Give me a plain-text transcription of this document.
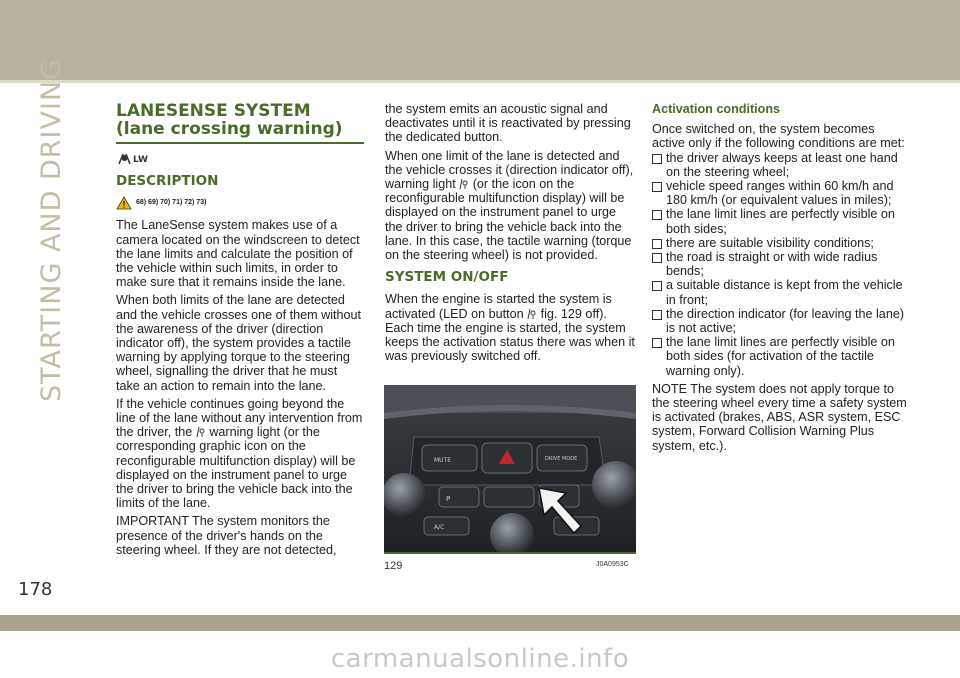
STARTING AND DRIVING
178
LANESENSE SYSTEM (lane crossing warning)
LW
DESCRIPTION
68) 69) 70) 71) 72) 73)

The LaneSense system makes use of a camera located on the windscreen to detect the lane limits and calculate the position of the vehicle within such limits, in order to make sure that it remains inside the lane.

When both limits of the lane are detected and the vehicle crosses one of them without the awareness of the driver (direction indicator off), the system provides a tactile warning by applying torque to the steering wheel, signalling the driver that he must take an action to remain into the lane.

If the vehicle continues going beyond the line of the lane without any intervention from the driver, the warning light (or the corresponding graphic icon on the reconfigurable multifunction display) will be displayed on the instrument panel to urge the driver to bring the vehicle back into the limits of the lane.

IMPORTANT The system monitors the presence of the driver's hands on the steering wheel. If they are not detected,

the system emits an acoustic signal and deactivates until it is reactivated by pressing the dedicated button.

When one limit of the lane is detected and the vehicle crosses it (direction indicator off), warning light (or the icon on the reconfigurable multifunction display) will be displayed on the instrument panel to urge the driver to bring the vehicle back into the lane. In this case, the tactile warning (torque on the steering wheel) is not provided.

SYSTEM ON/OFF

When the engine is started the system is activated (LED on button fig. 129 off). Each time the engine is started, the system keeps the activation status there was when it was previously switched off.

MUTE	DRIVE MODE
P
A/C
129	J0A0953C
Activation conditions

Once switched on, the system becomes active only if the following conditions are met:

the driver always keeps at least one hand on the steering wheel;
vehicle speed ranges within 60 km/h and 180 km/h (or equivalent values in miles);
the lane limit lines are perfectly visible on both sides;
there are suitable visibility conditions;
the road is straight or with wide radius bends;
a suitable distance is kept from the vehicle in front;
the direction indicator (for leaving the lane) is not active;
the lane limit lines are perfectly visible on both sides (for activation of the tactile warning only).

NOTE The system does not apply torque to the steering wheel every time a safety system is activated (brakes, ABS, ASR system, ESC system, Forward Collision Warning Plus system, etc.).

carmanualsonline.info
